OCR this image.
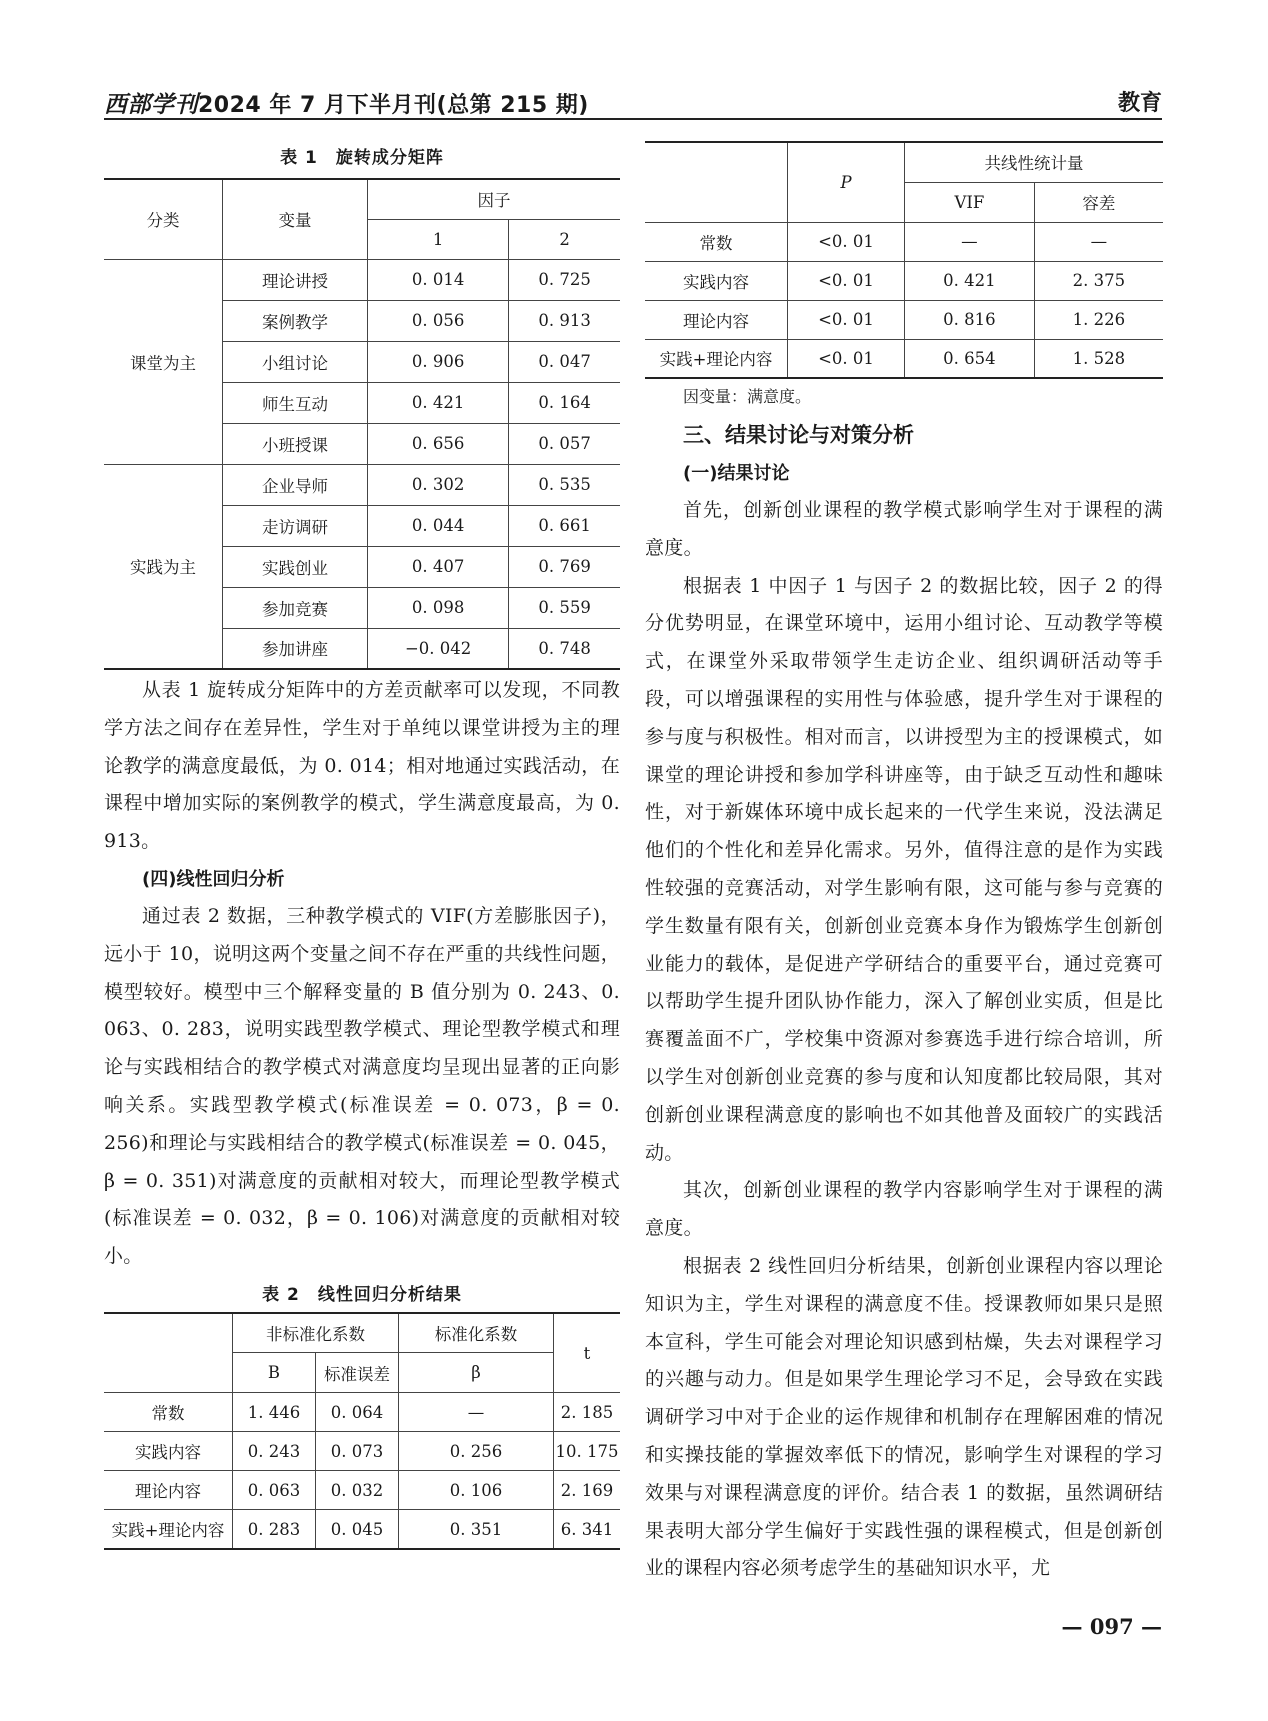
西部学刊2024 年 7 月下半月刊(总第 215 期)	教育
表 1　旋转成分矩阵
分类	变量	因子	
		1	2
课堂为主	理论讲授	0. 014	0. 725
	案例教学	0. 056	0. 913
	小组讨论	0. 906	0. 047
	师生互动	0. 421	0. 164
	小班授课	0. 656	0. 057
实践为主	企业导师	0. 302	0. 535
	走访调研	0. 044	0. 661
	实践创业	0. 407	0. 769
	参加竞赛	0. 098	0. 559
	参加讲座	−0. 042	0. 748

从表 1 旋转成分矩阵中的方差贡献率可以发现，不同教学方法之间存在差异性，学生对于单纯以课堂讲授为主的理论教学的满意度最低，为 0. 014；相对地通过实践活动，在课程中增加实际的案例教学的模式，学生满意度最高，为 0. 913。

(四)线性回归分析

通过表 2 数据，三种教学模式的 VIF(方差膨胀因子)，远小于 10，说明这两个变量之间不存在严重的共线性问题，模型较好。模型中三个解释变量的 B 值分别为 0. 243、0. 063、0. 283，说明实践型教学模式、理论型教学模式和理论与实践相结合的教学模式对满意度均呈现出显著的正向影响关系。实践型教学模式(标准误差 = 0. 073，β = 0. 256)和理论与实践相结合的教学模式(标准误差 = 0. 045，β = 0. 351)对满意度的贡献相对较大，而理论型教学模式(标准误差 = 0. 032，β = 0. 106)对满意度的贡献相对较小。

表 2　线性回归分析结果
	非标准化系数		标准化系数	t
	B	标准误差	β	
常数	1. 446	0. 064	—	2. 185
实践内容	0. 243	0. 073	0. 256	10. 175
理论内容	0. 063	0. 032	0. 106	2. 169
实践+理论内容	0. 283	0. 045	0. 351	6. 341
	P	共线性统计量	
		VIF	容差
常数	<0. 01	—	—
实践内容	<0. 01	0. 421	2. 375
理论内容	<0. 01	0. 816	1. 226
实践+理论内容	<0. 01	0. 654	1. 528
因变量：满意度。
三、结果讨论与对策分析
(一)结果讨论

首先，创新创业课程的教学模式影响学生对于课程的满意度。

根据表 1 中因子 1 与因子 2 的数据比较，因子 2 的得分优势明显，在课堂环境中，运用小组讨论、互动教学等模式，在课堂外采取带领学生走访企业、组织调研活动等手段，可以增强课程的实用性与体验感，提升学生对于课程的参与度与积极性。相对而言，以讲授型为主的授课模式，如课堂的理论讲授和参加学科讲座等，由于缺乏互动性和趣味性，对于新媒体环境中成长起来的一代学生来说，没法满足他们的个性化和差异化需求。另外，值得注意的是作为实践性较强的竞赛活动，对学生影响有限，这可能与参与竞赛的学生数量有限有关，创新创业竞赛本身作为锻炼学生创新创业能力的载体，是促进产学研结合的重要平台，通过竞赛可以帮助学生提升团队协作能力，深入了解创业实质，但是比赛覆盖面不广，学校集中资源对参赛选手进行综合培训，所以学生对创新创业竞赛的参与度和认知度都比较局限，其对创新创业课程满意度的影响也不如其他普及面较广的实践活动。

其次，创新创业课程的教学内容影响学生对于课程的满意度。

根据表 2 线性回归分析结果，创新创业课程内容以理论知识为主，学生对课程的满意度不佳。授课教师如果只是照本宣科，学生可能会对理论知识感到枯燥，失去对课程学习的兴趣与动力。但是如果学生理论学习不足，会导致在实践调研学习中对于企业的运作规律和机制存在理解困难的情况和实操技能的掌握效率低下的情况，影响学生对课程的学习效果与对课程满意度的评价。结合表 1 的数据，虽然调研结果表明大部分学生偏好于实践性强的课程模式，但是创新创业的课程内容必须考虑学生的基础知识水平，尤

— 097 —
